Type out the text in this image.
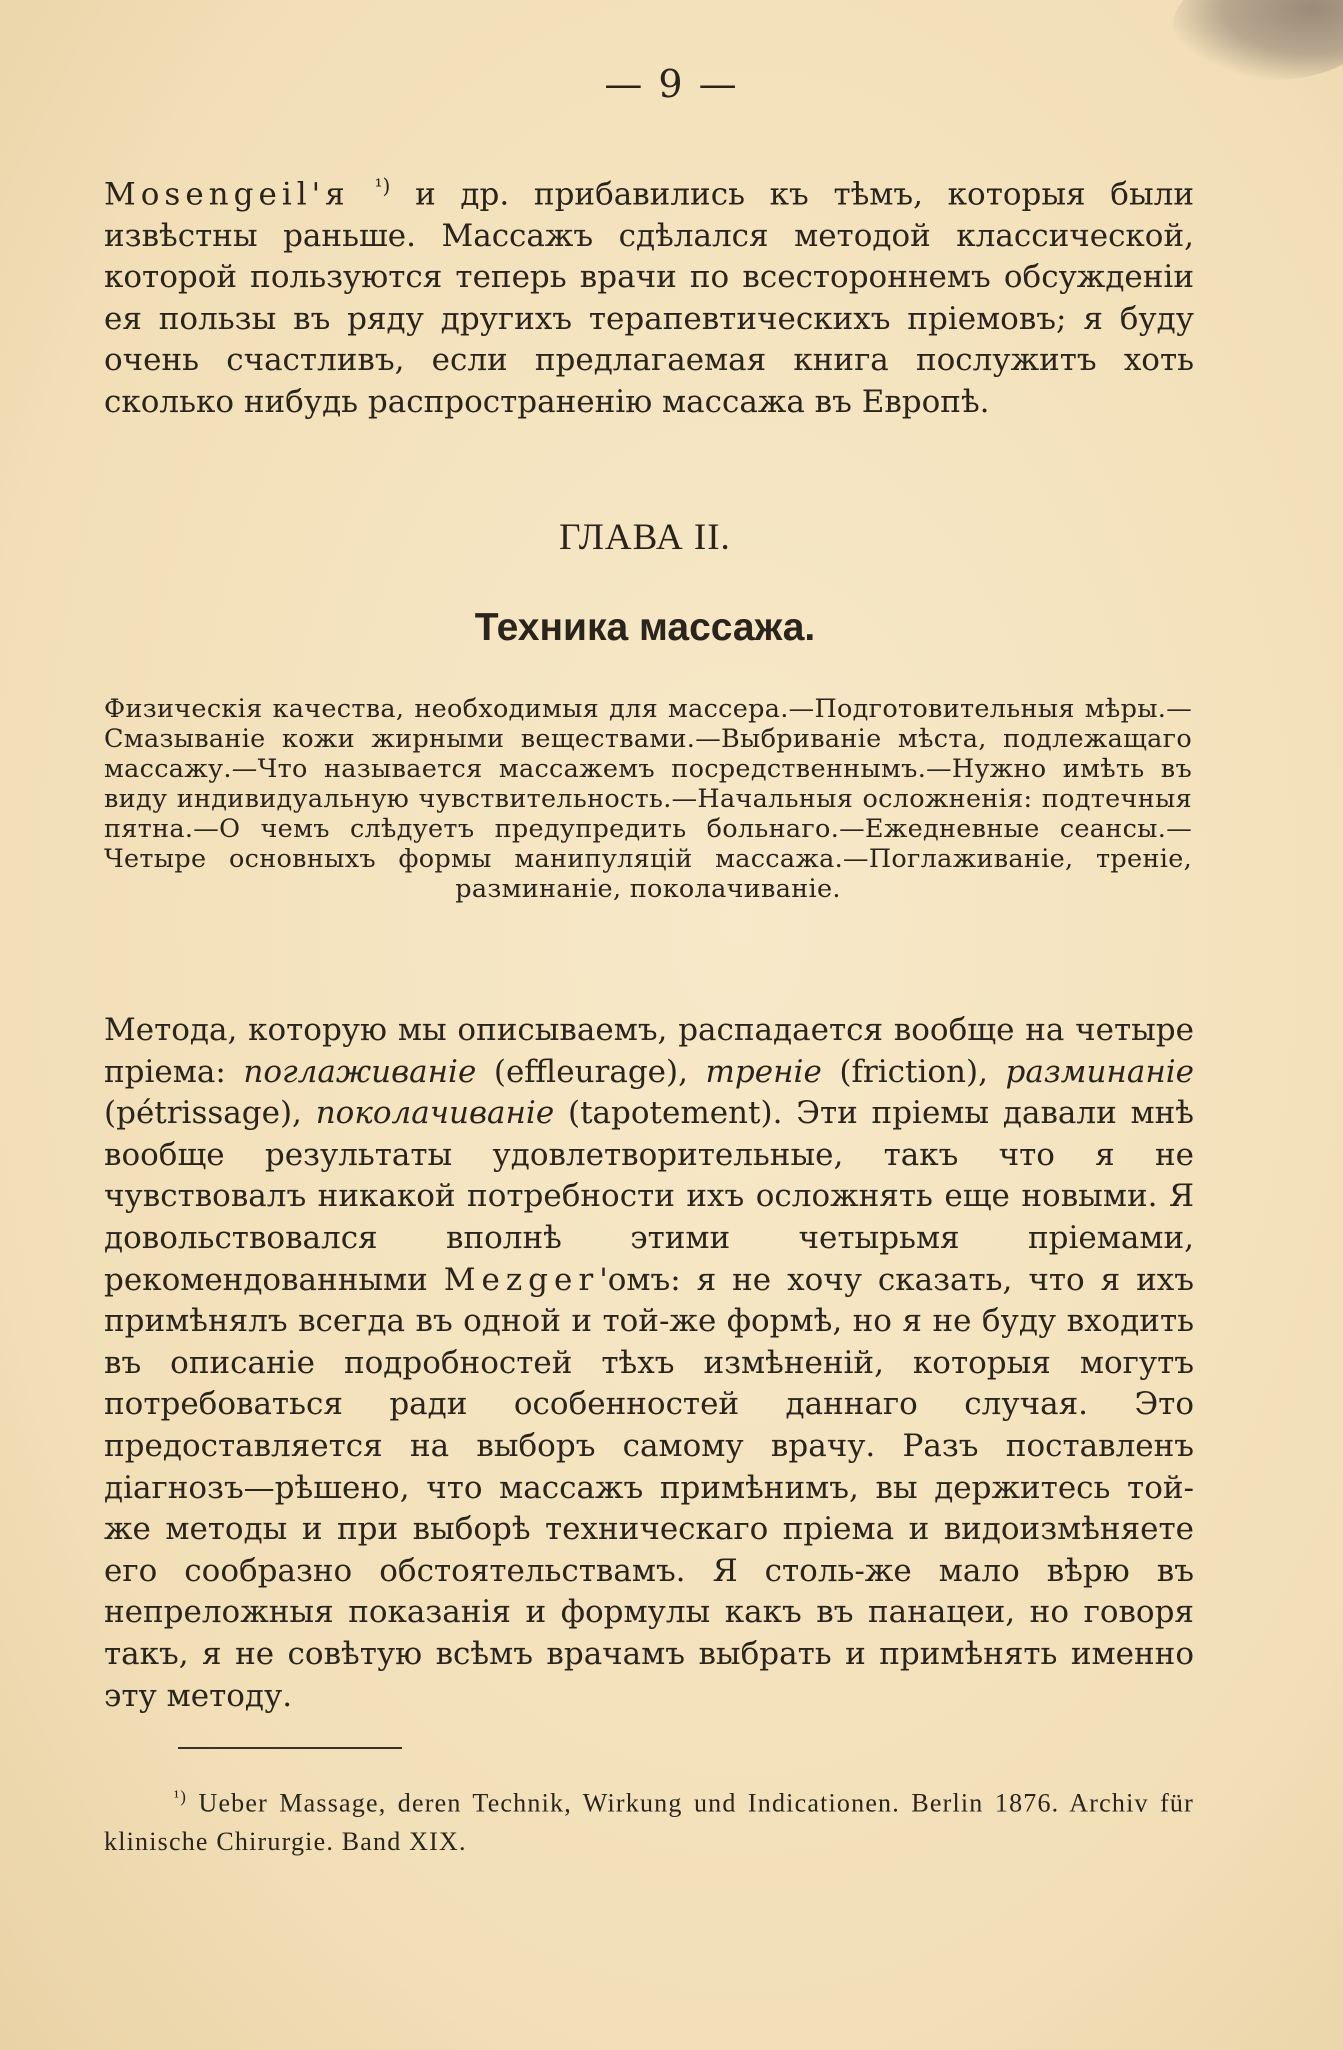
— 9 —
Mosengeil'я $^{^1)}$ и др. прибавились къ тѣмъ, которыя были извѣстны раньше. Массажъ сдѣлался методой классической, которой пользуются теперь врачи по всестороннемъ обсужденіи ея пользы въ ряду другихъ терапевтическихъ пріемовъ; я буду очень счастливъ, если предлагаемая книга послужитъ хоть сколько нибудь распространенію массажа въ Европѣ.
ГЛАВА II.
Техника массажа.
Физическія качества, необходимыя для массера.—Подготовительныя мѣры.—Смазываніе кожи жирными веществами.—Выбриваніе мѣста, подлежащаго массажу.—Что называется массажемъ посредственнымъ.—Нужно имѣть въ виду индивидуальную чувствительность.—Начальныя осложненія: подтечныя пятна.—О чемъ слѣдуетъ предупредить больнаго.—Ежедневные сеансы.—Четыре основныхъ формы манипуляцій массажа.—Поглаживаніе, треніе, разминаніе, поколачиваніе.
Метода, которую мы описываемъ, распадается вообще на четыре пріема: поглаживаніе (effleurage), треніе (friction), разминаніе (pétrissage), поколачиваніе (tapotement). Эти пріемы давали мнѣ вообще результаты удовлетворительные, такъ что я не чувствовалъ никакой потребности ихъ осложнять еще новыми. Я довольствовался вполнѣ этими четырьмя пріемами, рекомендованными Mezger'омъ: я не хочу сказать, что я ихъ примѣнялъ всегда въ одной и той-же формѣ, но я не буду входить въ описаніе подробностей тѣхъ измѣненій, которыя могутъ потребоваться ради особенностей даннаго случая. Это предоставляется на выборъ самому врачу. Разъ поставленъ діагнозъ—рѣшено, что массажъ примѣнимъ, вы держитесь той-же методы и при выборѣ техническаго пріема и видоизмѣняете его сообразно обстоятельствамъ. Я столь-же мало вѣрю въ непреложныя показанія и формулы какъ въ панацеи, но говоря такъ, я не совѣтую всѣмъ врачамъ выбрать и примѣнять именно эту методу.
$^{^1)}$ Ueber Massage, deren Technik, Wirkung und Indicationen. Berlin 1876. Archiv für klinische Chirurgie. Band XIX.
